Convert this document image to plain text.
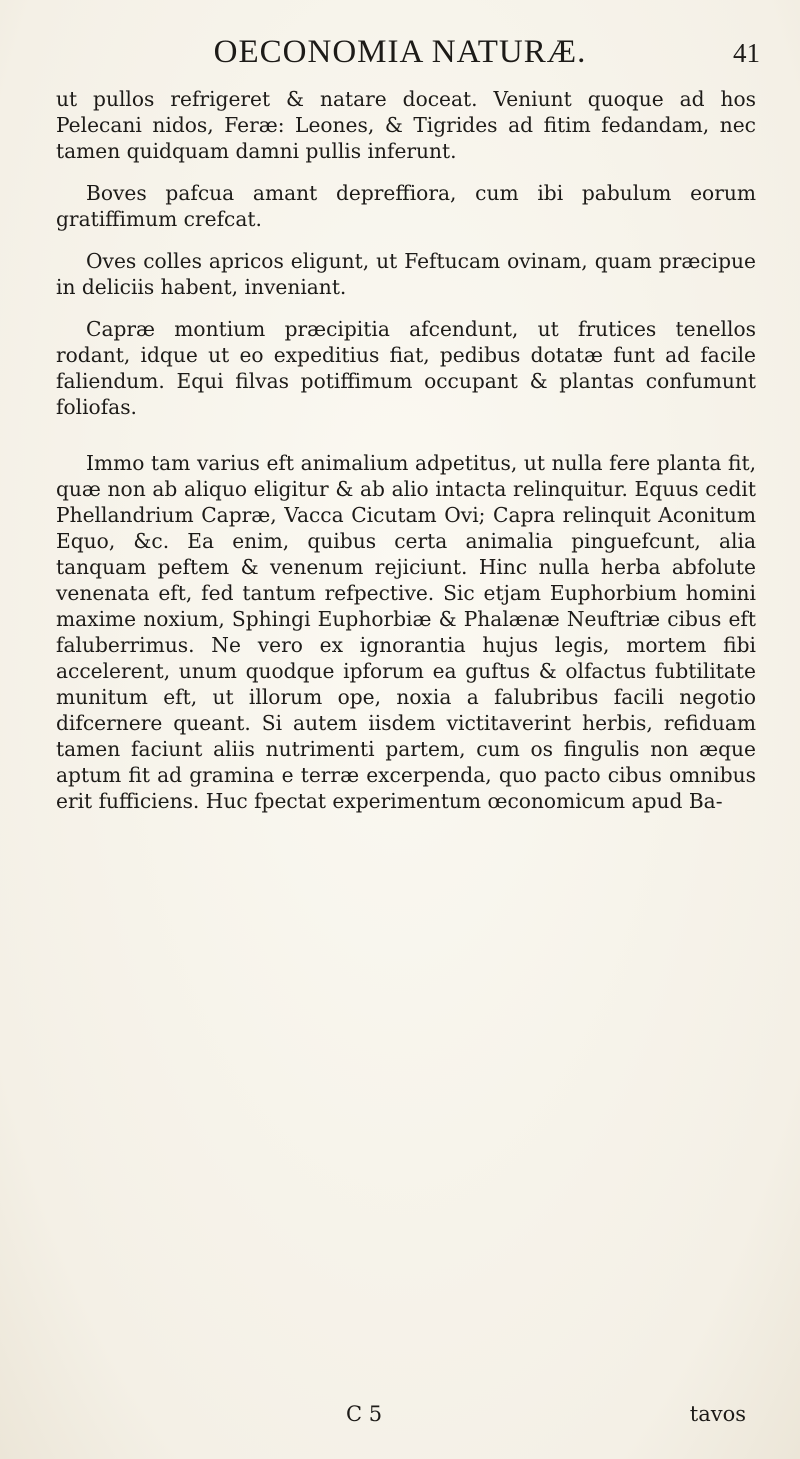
OECONOMIA NATURÆ.	41

ut pullos refrigeret & natare doceat. Veniunt quoque ad hos Pelecani nidos, Feræ: Leones, & Tigrides ad fitim fedandam, nec tamen quidquam damni pullis inferunt.

Boves pafcua amant depreffiora, cum ibi pabulum eorum gratiffimum crefcat.

Oves colles apricos eligunt, ut Feftucam ovinam, quam præcipue in deliciis habent, inveniant.

Capræ montium præcipitia afcendunt, ut frutices tenellos rodant, idque ut eo expeditius fiat, pedibus dotatæ funt ad facile faliendum. Equi filvas potiffimum occupant & plantas confumunt foliofas.

Immo tam varius eft animalium adpetitus, ut nulla fere planta fit, quæ non ab aliquo eligitur & ab alio intacta relinquitur. Equus cedit Phellandrium Capræ, Vacca Cicutam Ovi; Capra relinquit Aconitum Equo, &c. Ea enim, quibus certa animalia pinguefcunt, alia tanquam peftem & venenum rejiciunt. Hinc nulla herba abfolute venenata eft, fed tantum refpective. Sic etjam Euphorbium homini maxime noxium, Sphingi Euphorbiæ & Phalænæ Neuftriæ cibus eft faluberrimus. Ne vero ex ignorantia hujus legis, mortem fibi accelerent, unum quodque ipforum ea guftus & olfactus fubtilitate munitum eft, ut illorum ope, noxia a falubribus facili negotio difcernere queant. Si autem iisdem victitaverint herbis, refiduam tamen faciunt aliis nutrimenti partem, cum os fingulis non æque aptum fit ad gramina e terræ excerpenda, quo pacto cibus omnibus erit fufficiens. Huc fpectat experimentum œconomicum apud Ba-

C 5	tavos
